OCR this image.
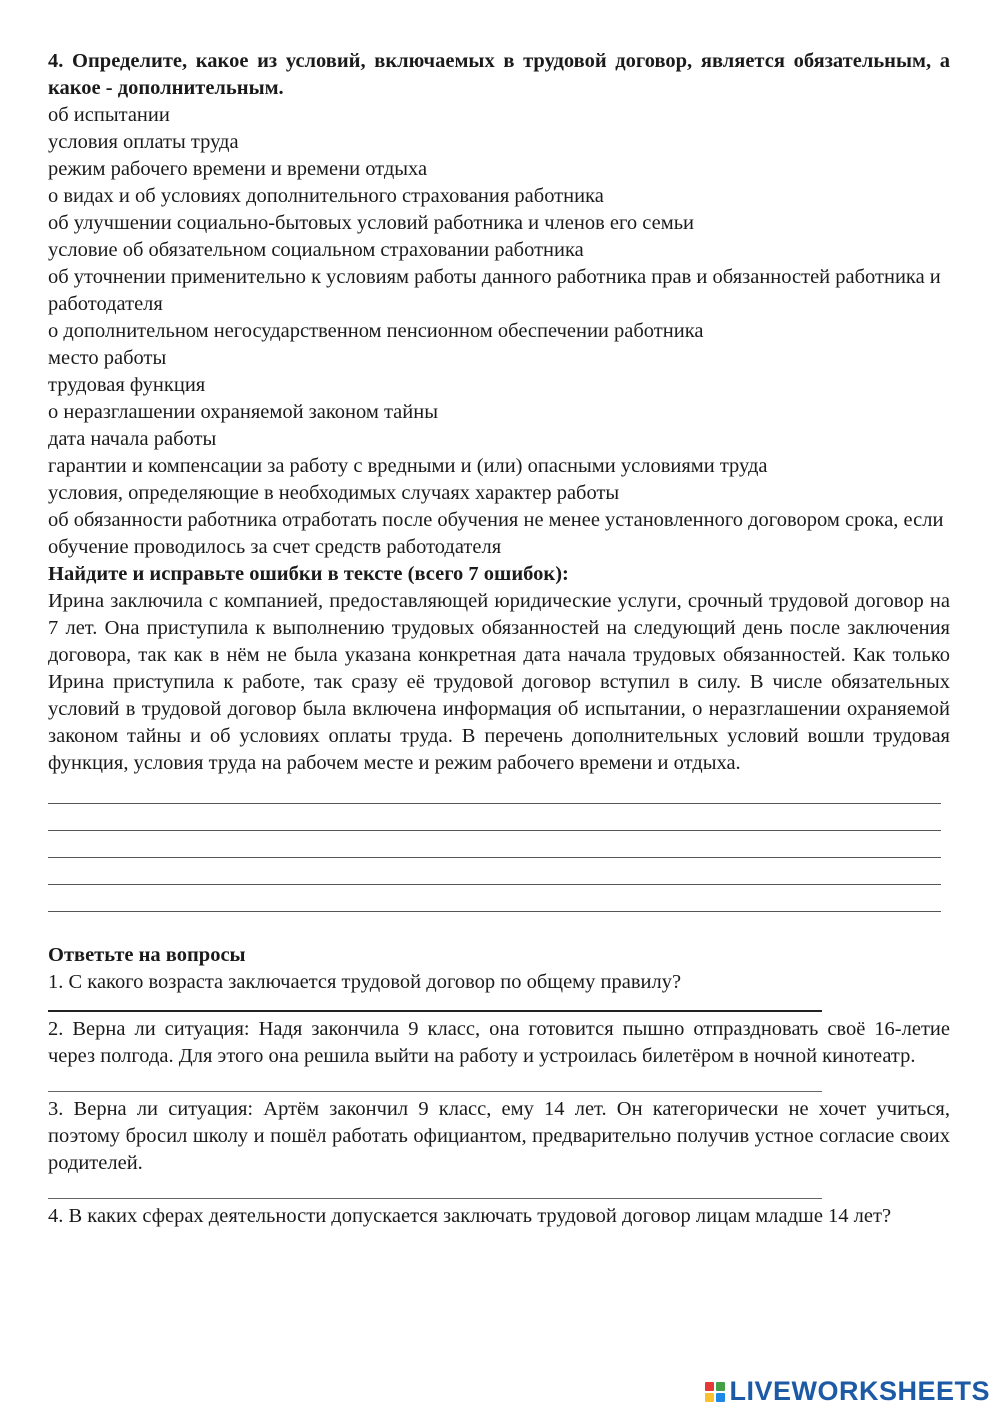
4. Определите, какое из условий, включаемых в трудовой договор, является обязательным, а какое - дополнительным.

об испытании

условия оплаты труда

режим рабочего времени и времени отдыха

о видах и об условиях дополнительного страхования работника

об улучшении социально-бытовых условий работника и членов его семьи

условие об обязательном социальном страховании работника

об уточнении применительно к условиям работы данного работника прав и обязанностей работника и работодателя

о дополнительном негосударственном пенсионном обеспечении работника

место работы

трудовая функция

о неразглашении охраняемой законом тайны

дата начала работы

гарантии и компенсации за работу с вредными и (или) опасными условиями труда

условия, определяющие в необходимых случаях характер работы

об обязанности работника отработать после обучения не менее установленного договором срока, если обучение проводилось за счет средств работодателя

Найдите и исправьте ошибки в тексте (всего 7 ошибок):

Ирина заключила с компанией, предоставляющей юридические услуги, срочный трудовой договор на 7 лет. Она приступила к выполнению трудовых обязанностей на следующий день после заключения договора, так как в нём не была указана конкретная дата начала трудовых обязанностей. Как только Ирина приступила к работе, так сразу её трудовой договор вступил в силу. В числе обязательных условий в трудовой договор была включена информация об испытании, о неразглашении охраняемой законом тайны и об условиях оплаты труда. В перечень дополнительных условий вошли трудовая функция, условия труда на рабочем месте и режим рабочего времени и отдыха.

Ответьте на вопросы

1. С какого возраста заключается трудовой договор по общему правилу?

2. Верна ли ситуация: Надя закончила 9 класс, она готовится пышно отпраздновать своё 16-летие через полгода. Для этого она решила выйти на работу и устроилась билетёром в ночной кинотеатр.

3. Верна ли ситуация: Артём закончил 9 класс, ему 14 лет. Он категорически не хочет учиться, поэтому бросил школу и пошёл работать официантом, предварительно получив устное согласие своих родителей.

4. В каких сферах деятельности допускается заключать трудовой договор лицам младше 14 лет?

LIVEWORKSHEETS
